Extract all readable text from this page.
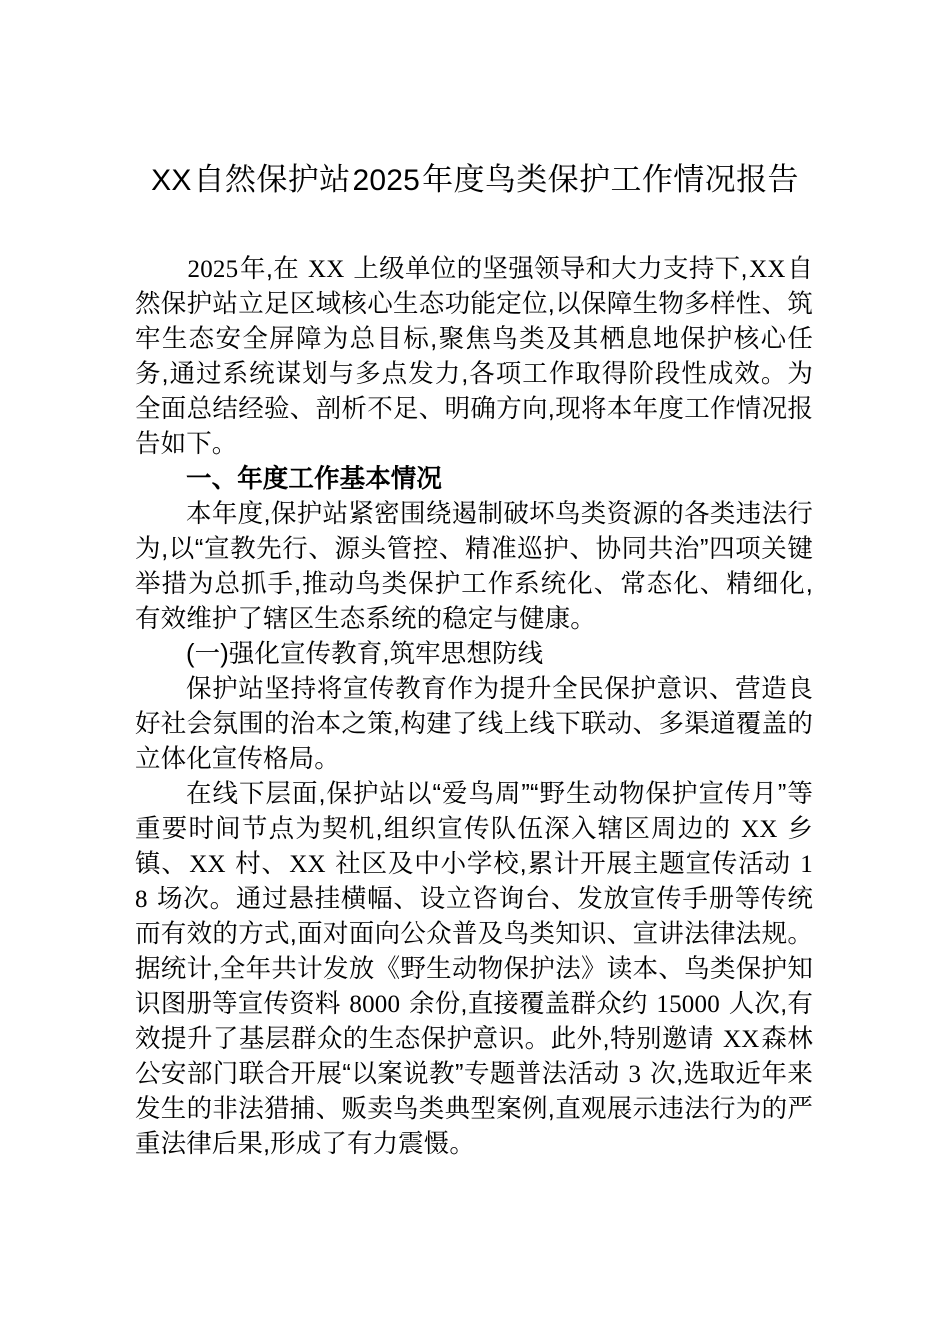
XX自然保护站2025年度鸟类保护工作情况报告

2025年,在 XX 上级单位的坚强领导和大力支持下,XX自然保护站立足区域核心生态功能定位,以保障生物多样性、筑牢生态安全屏障为总目标,聚焦鸟类及其栖息地保护核心任务,通过系统谋划与多点发力,各项工作取得阶段性成效。为全面总结经验、剖析不足、明确方向,现将本年度工作情况报告如下。

一、年度工作基本情况

本年度,保护站紧密围绕遏制破坏鸟类资源的各类违法行为,以“宣教先行、源头管控、精准巡护、协同共治”四项关键举措为总抓手,推动鸟类保护工作系统化、常态化、精细化,有效维护了辖区生态系统的稳定与健康。

(一)强化宣传教育,筑牢思想防线

保护站坚持将宣传教育作为提升全民保护意识、营造良好社会氛围的治本之策,构建了线上线下联动、多渠道覆盖的立体化宣传格局。

在线下层面,保护站以“爱鸟周”“野生动物保护宣传月”等重要时间节点为契机,组织宣传队伍深入辖区周边的 XX 乡镇、XX 村、XX 社区及中小学校,累计开展主题宣传活动 18 场次。通过悬挂横幅、设立咨询台、发放宣传手册等传统而有效的方式,面对面向公众普及鸟类知识、宣讲法律法规。据统计,全年共计发放《野生动物保护法》读本、鸟类保护知识图册等宣传资料 8000 余份,直接覆盖群众约 15000 人次,有效提升了基层群众的生态保护意识。此外,特别邀请 XX森林公安部门联合开展“以案说教”专题普法活动 3 次,选取近年来发生的非法猎捕、贩卖鸟类典型案例,直观展示违法行为的严重法律后果,形成了有力震慑。
